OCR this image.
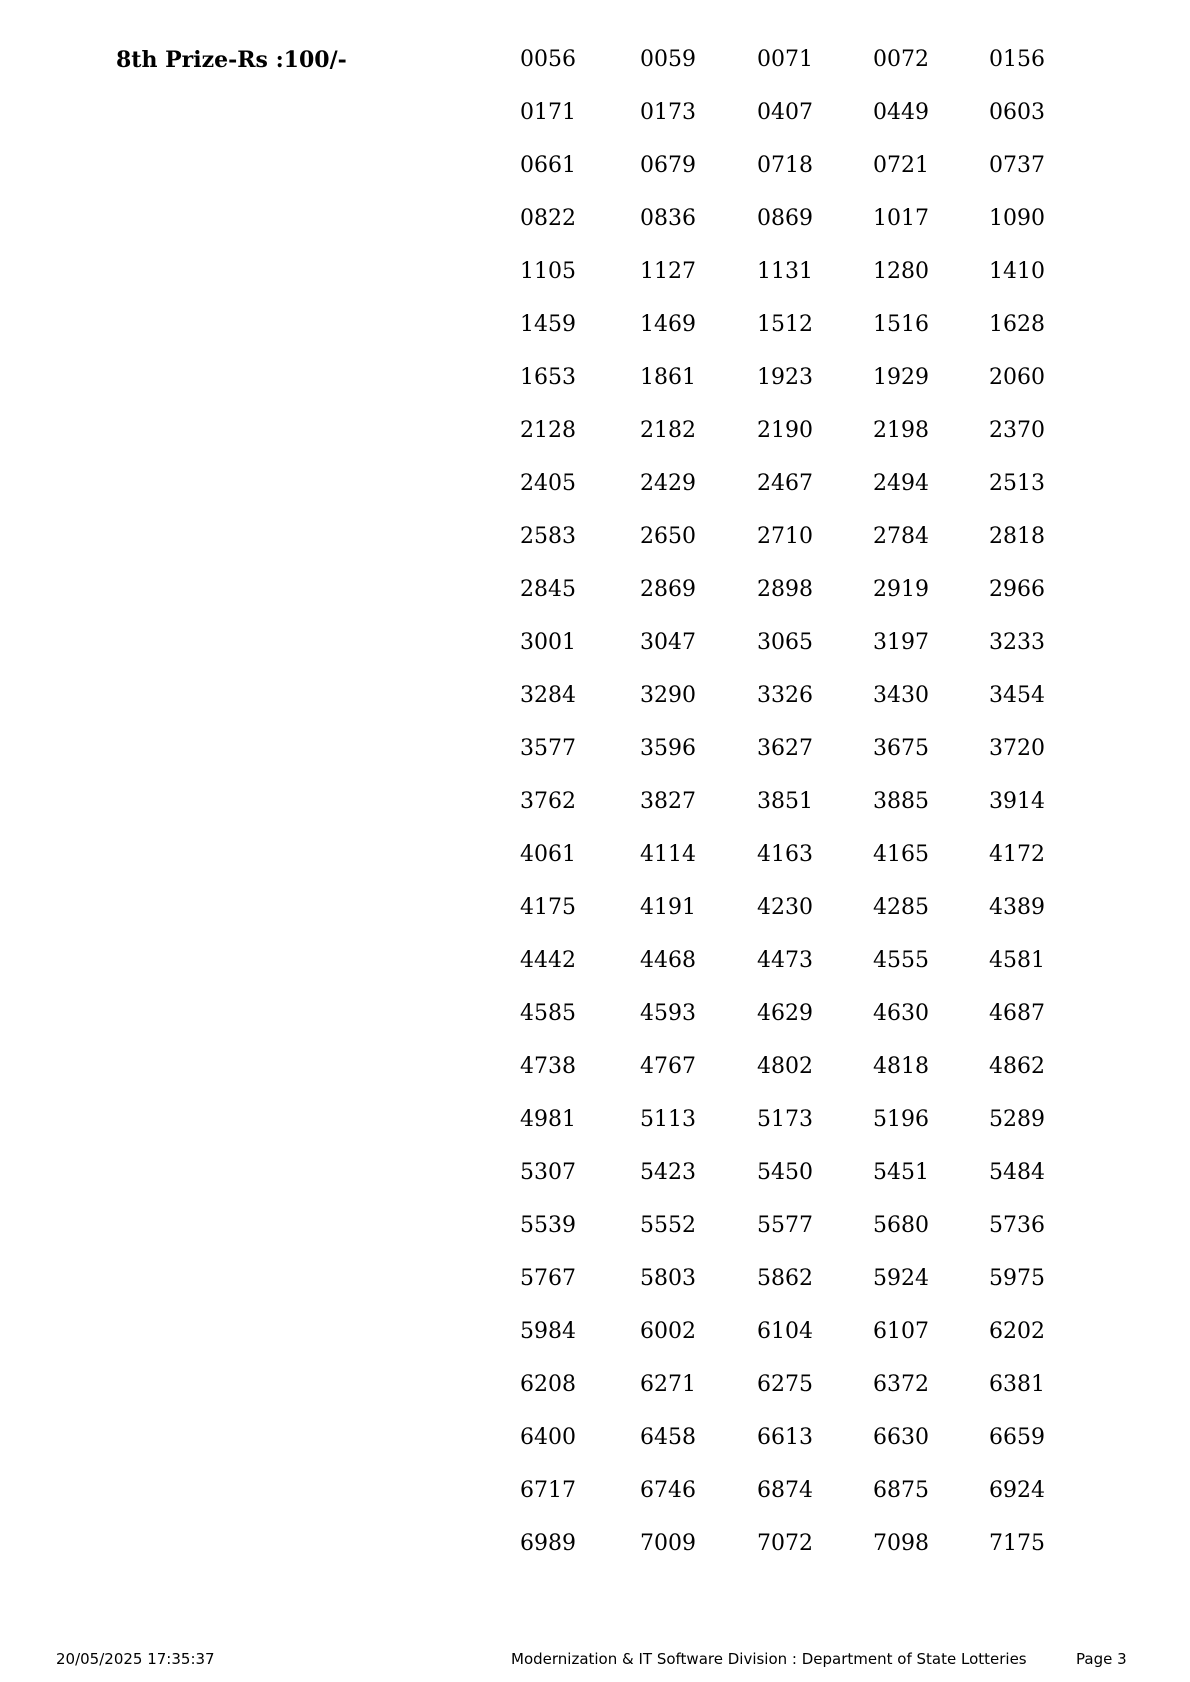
8th Prize-Rs :100/-	0056	0059	0071	0072	0156
0171	0173	0407	0449	0603
0661	0679	0718	0721	0737
0822	0836	0869	1017	1090
1105	1127	1131	1280	1410
1459	1469	1512	1516	1628
1653	1861	1923	1929	2060
2128	2182	2190	2198	2370
2405	2429	2467	2494	2513
2583	2650	2710	2784	2818
2845	2869	2898	2919	2966
3001	3047	3065	3197	3233
3284	3290	3326	3430	3454
3577	3596	3627	3675	3720
3762	3827	3851	3885	3914
4061	4114	4163	4165	4172
4175	4191	4230	4285	4389
4442	4468	4473	4555	4581
4585	4593	4629	4630	4687
4738	4767	4802	4818	4862
4981	5113	5173	5196	5289
5307	5423	5450	5451	5484
5539	5552	5577	5680	5736
5767	5803	5862	5924	5975
5984	6002	6104	6107	6202
6208	6271	6275	6372	6381
6400	6458	6613	6630	6659
6717	6746	6874	6875	6924
6989	7009	7072	7098	7175
20/05/2025 17:35:37	Modernization & IT Software Division : Department of State Lotteries	Page 3
